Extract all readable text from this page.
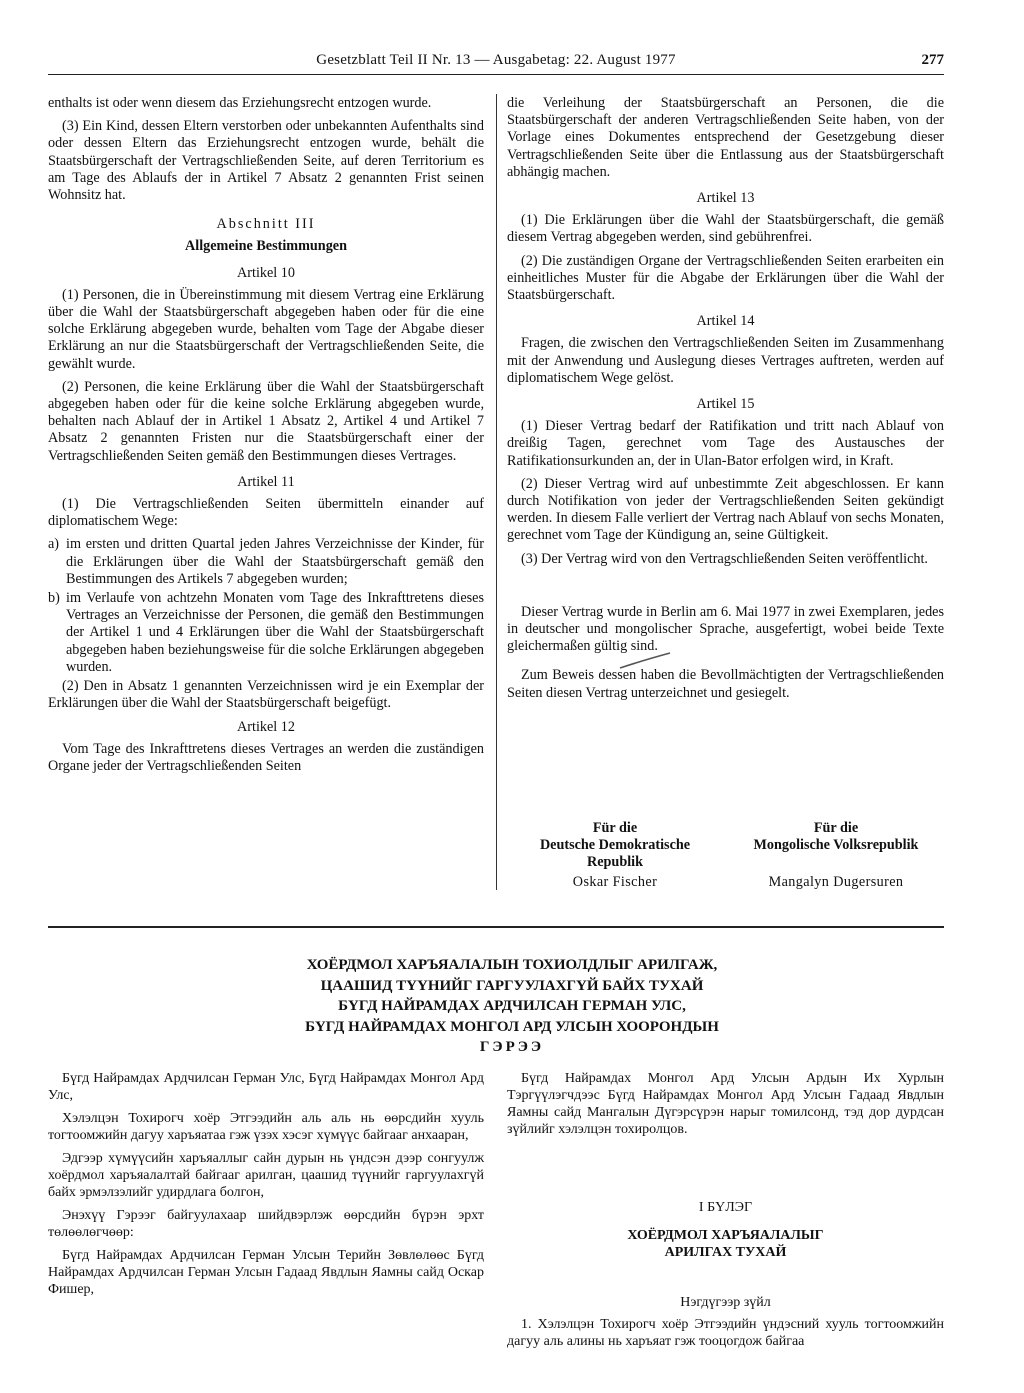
Gesetzblatt Teil II Nr. 13 — Ausgabetag: 22. August 1977	277

enthalts ist oder wenn diesem das Erziehungsrecht entzogen wurde.

(3) Ein Kind, dessen Eltern verstorben oder unbekannten Aufenthalts sind oder dessen Eltern das Erziehungsrecht entzogen wurde, behält die Staatsbürgerschaft der Vertragschließenden Seite, auf deren Territorium es am Tage des Ablaufs der in Artikel 7 Absatz 2 genannten Frist seinen Wohnsitz hat.

Abschnitt III
Allgemeine Bestimmungen
Artikel 10

(1) Personen, die in Übereinstimmung mit diesem Vertrag eine Erklärung über die Wahl der Staatsbürgerschaft abgegeben haben oder für die eine solche Erklärung abgegeben wurde, behalten vom Tage der Abgabe dieser Erklärung an nur die Staatsbürgerschaft der Vertragschließenden Seite, die gewählt wurde.

(2) Personen, die keine Erklärung über die Wahl der Staatsbürgerschaft abgegeben haben oder für die keine solche Erklärung abgegeben wurde, behalten nach Ablauf der in Artikel 1 Absatz 2, Artikel 4 und Artikel 7 Absatz 2 genannten Fristen nur die Staatsbürgerschaft einer der Vertragschließenden Seiten gemäß den Bestimmungen dieses Vertrages.

Artikel 11

(1) Die Vertragschließenden Seiten übermitteln einander auf diplomatischem Wege:

a) im ersten und dritten Quartal jeden Jahres Verzeichnisse der Kinder, für die Erklärungen über die Wahl der Staatsbürgerschaft gemäß den Bestimmungen des Artikels 7 abgegeben wurden;
b) im Verlaufe von achtzehn Monaten vom Tage des Inkrafttretens dieses Vertrages an Verzeichnisse der Personen, die gemäß den Bestimmungen der Artikel 1 und 4 Erklärungen über die Wahl der Staatsbürgerschaft abgegeben haben beziehungsweise für die solche Erklärungen abgegeben wurden.

(2) Den in Absatz 1 genannten Verzeichnissen wird je ein Exemplar der Erklärungen über die Wahl der Staatsbürgerschaft beigefügt.

Artikel 12

Vom Tage des Inkrafttretens dieses Vertrages an werden die zuständigen Organe jeder der Vertragschließenden Seiten

die Verleihung der Staatsbürgerschaft an Personen, die die Staatsbürgerschaft der anderen Vertragschließenden Seite haben, von der Vorlage eines Dokumentes entsprechend der Gesetzgebung dieser Vertragschließenden Seite über die Entlassung aus der Staatsbürgerschaft abhängig machen.

Artikel 13

(1) Die Erklärungen über die Wahl der Staatsbürgerschaft, die gemäß diesem Vertrag abgegeben werden, sind gebührenfrei.

(2) Die zuständigen Organe der Vertragschließenden Seiten erarbeiten ein einheitliches Muster für die Abgabe der Erklärungen über die Wahl der Staatsbürgerschaft.

Artikel 14

Fragen, die zwischen den Vertragschließenden Seiten im Zusammenhang mit der Anwendung und Auslegung dieses Vertrages auftreten, werden auf diplomatischem Wege gelöst.

Artikel 15

(1) Dieser Vertrag bedarf der Ratifikation und tritt nach Ablauf von dreißig Tagen, gerechnet vom Tage des Austausches der Ratifikationsurkunden an, der in Ulan-Bator erfolgen wird, in Kraft.

(2) Dieser Vertrag wird auf unbestimmte Zeit abgeschlossen. Er kann durch Notifikation von jeder der Vertragschließenden Seiten gekündigt werden. In diesem Falle verliert der Vertrag nach Ablauf von sechs Monaten, gerechnet vom Tage der Kündigung an, seine Gültigkeit.

(3) Der Vertrag wird von den Vertragschließenden Seiten veröffentlicht.

Dieser Vertrag wurde in Berlin am 6. Mai 1977 in zwei Exemplaren, jedes in deutscher und mongolischer Sprache, ausgefertigt, wobei beide Texte gleichermaßen gültig sind.

Zum Beweis dessen haben die Bevollmächtigten der Vertragschließenden Seiten diesen Vertrag unterzeichnet und gesiegelt.

Für die
Deutsche Demokratische
Republik
Oskar Fischer
Für die
Mongolische Volksrepublik
Mangalyn Dugersuren
ХОЁРДМОЛ ХАРЪЯАЛАЛЫН ТОХИОЛДЛЫГ АРИЛГАЖ,
ЦААШИД ТҮҮНИЙГ ГАРГУУЛАХГҮЙ БАЙХ ТУХАЙ
БҮГД НАЙРАМДАХ АРДЧИЛСАН ГЕРМАН УЛС,
БҮГД НАЙРАМДАХ МОНГОЛ АРД УЛСЫН ХООРОНДЫН
ГЭРЭЭ

Бүгд Найрамдах Ардчилсан Герман Улс, Бүгд Найрамдах Монгол Ард Улс,

Хэлэлцэн Тохирогч хоёр Этгээдийн аль аль нь өөрсдийн хууль тогтоомжийн дагуу харъяатаа гэж үзэх хэсэг хүмүүс байгааг анхааран,

Эдгээр хүмүүсийн харъяаллыг сайн дурын нь үндсэн дээр сонгуулж хоёрдмол харъяалалтай байгааг арилган, цаашид түүнийг гаргуулахгүй байх эрмэлзэлийг удирдлага болгон,

Энэхүү Гэрээг байгуулахаар шийдвэрлэж өөрсдийн бүрэн эрхт төлөөлөгчөөр:

Бүгд Найрамдах Ардчилсан Герман Улсын Терийн Зөвлөлөөс Бүгд Найрамдах Ардчилсан Герман Улсын Гадаад Явдлын Яамны сайд Оскар Фишер,

Бүгд Найрамдах Монгол Ард Улсын Ардын Их Хурлын Тэргүүлэгчдээс Бүгд Найрамдах Монгол Ард Улсын Гадаад Явдлын Яамны сайд Мангалын Дүгэрсүрэн нарыг томилсонд, тэд дор дурдсан зүйлийг хэлэлцэн тохиролцов.

I БҮЛЭГ
ХОЁРДМОЛ ХАРЪЯАЛАЛЫГ
АРИЛГАХ ТУХАЙ
Нэгдүгээр зүйл

1. Хэлэлцэн Тохирогч хоёр Этгээдийн үндэсний хууль тогтоомжийн дагуу аль алины нь харъяат гэж тооцогдож байгаа
